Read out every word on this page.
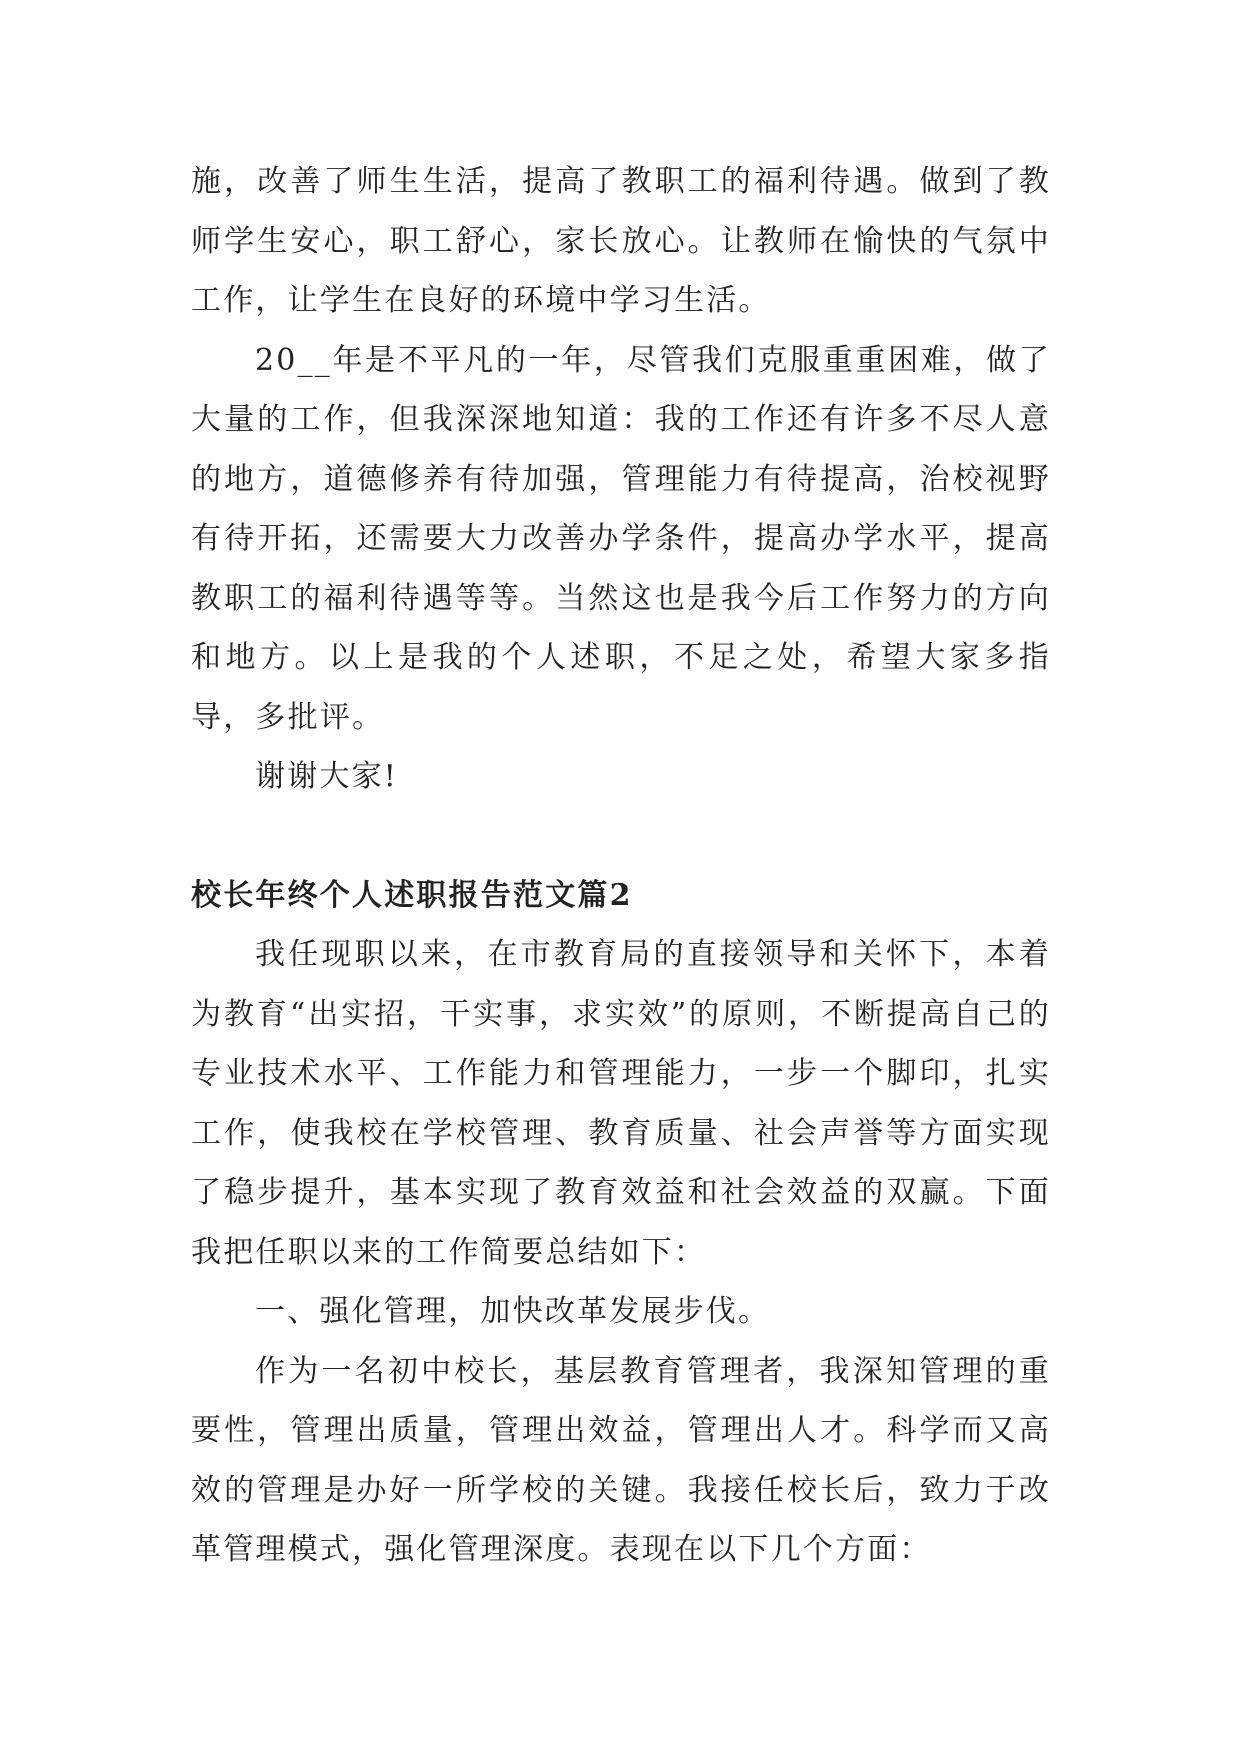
施，改善了师生生活，提高了教职工的福利待遇。做到了教师学生安心，职工舒心，家长放心。让教师在愉快的气氛中工作，让学生在良好的环境中学习生活。

20__年是不平凡的一年，尽管我们克服重重困难，做了大量的工作，但我深深地知道：我的工作还有许多不尽人意的地方，道德修养有待加强，管理能力有待提高，治校视野有待开拓，还需要大力改善办学条件，提高办学水平，提高教职工的福利待遇等等。当然这也是我今后工作努力的方向和地方。以上是我的个人述职，不足之处，希望大家多指导，多批评。

谢谢大家!

校长年终个人述职报告范文篇2

我任现职以来，在市教育局的直接领导和关怀下，本着为教育“出实招，干实事，求实效”的原则，不断提高自己的专业技术水平、工作能力和管理能力，一步一个脚印，扎实工作，使我校在学校管理、教育质量、社会声誉等方面实现了稳步提升，基本实现了教育效益和社会效益的双赢。下面我把任职以来的工作简要总结如下：

一、强化管理，加快改革发展步伐。

作为一名初中校长，基层教育管理者，我深知管理的重要性，管理出质量，管理出效益，管理出人才。科学而又高效的管理是办好一所学校的关键。我接任校长后，致力于改革管理模式，强化管理深度。表现在以下几个方面：
